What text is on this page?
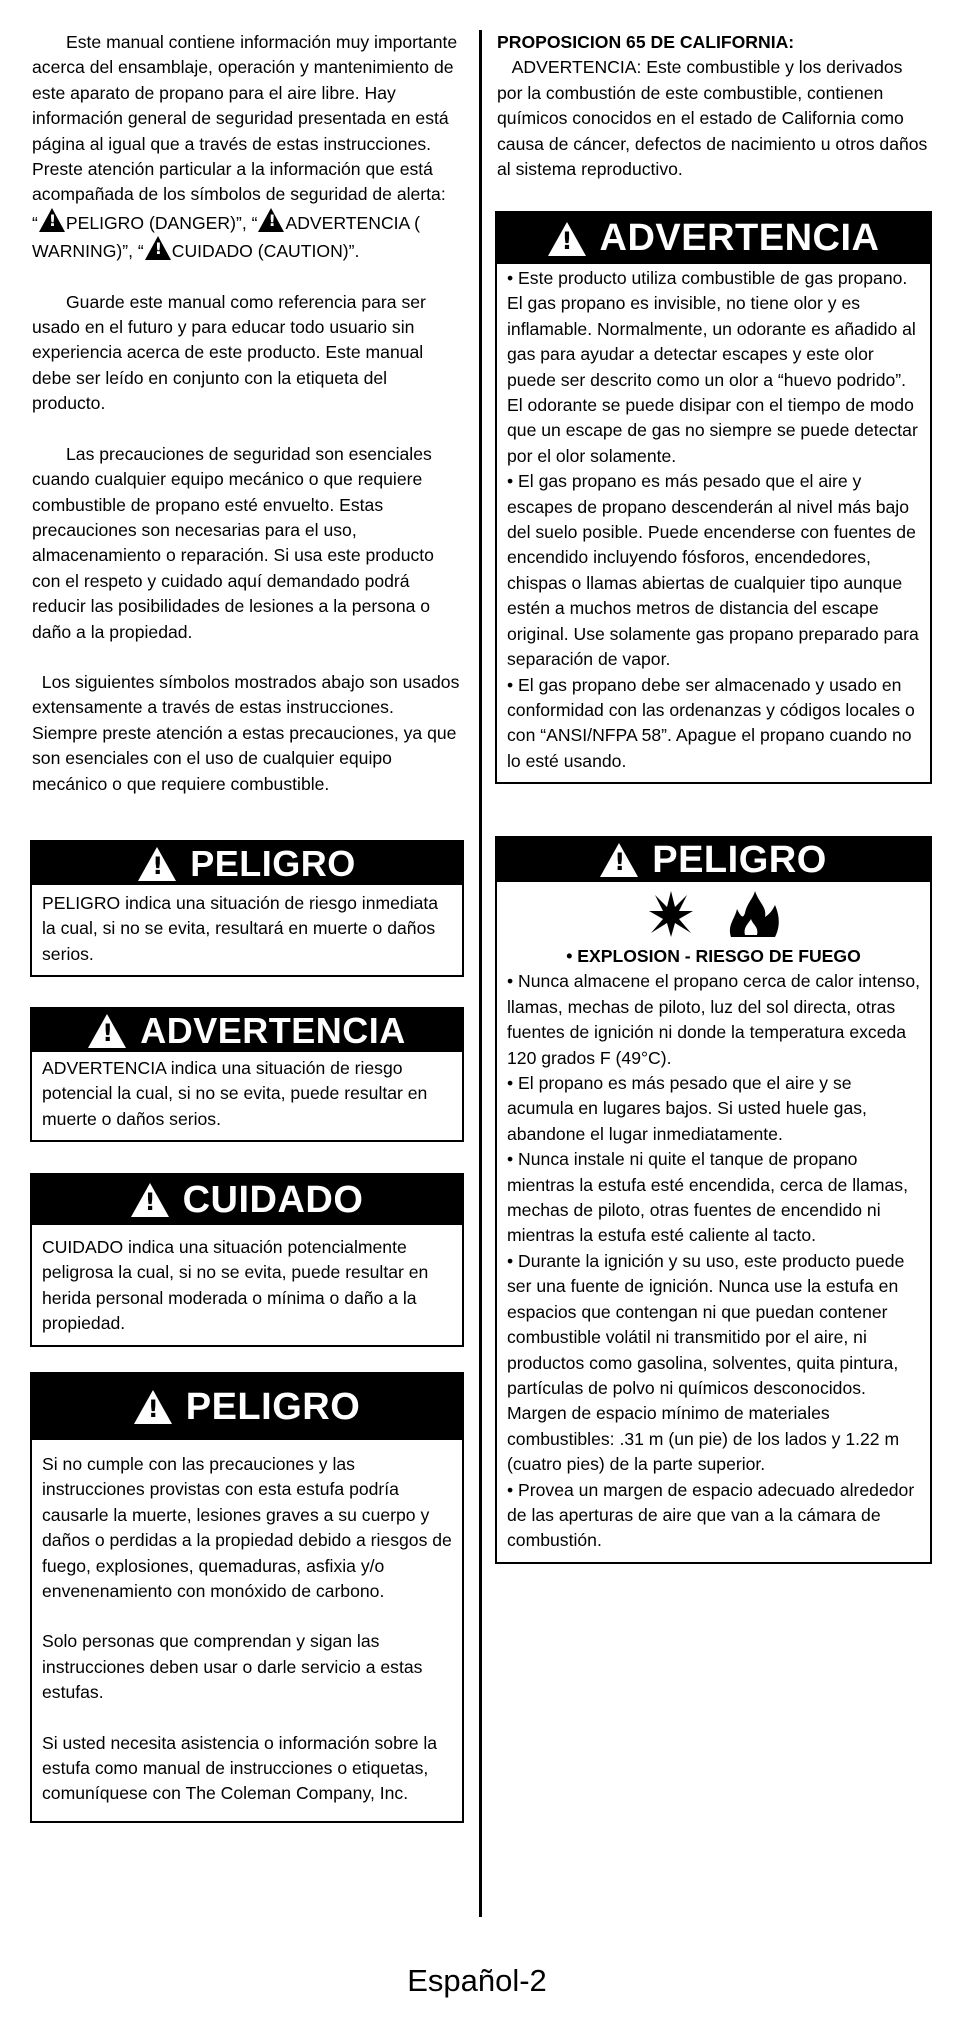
Este manual contiene información muy importante acerca del ensamblaje, operación y mantenimiento de este aparato de propano para el aire libre. Hay información general de seguridad presentada en está página al igual que a través de estas instrucciones. Preste atención particular a la información que está acompañada de los símbolos de seguridad de alerta:

“ ! PELIGRO (DANGER)”, “ ! ADVERTENCIA ( WARNING)”, “ ! CUIDADO (CAUTION)”.

Guarde este manual como referencia para ser usado en el futuro y para educar todo usuario sin experiencia acerca de este producto. Este manual debe ser leído en conjunto con la etiqueta del producto.

Las precauciones de seguridad son esenciales cuando cualquier equipo mecánico o que requiere combustible de propano esté envuelto. Estas precauciones son necesarias para el uso, almacenamiento o reparación. Si usa este producto con el respeto y cuidado aquí demandado podrá reducir las posibilidades de lesiones a la persona o daño a la propiedad.

Los siguientes símbolos mostrados abajo son usados extensamente a través de estas instrucciones. Siempre preste atención a estas precauciones, ya que son esenciales con el uso de cualquier equipo mecánico o que requiere combustible.

!
PELIGRO

PELIGRO indica una situación de riesgo inmediata la cual, si no se evita, resultará en muerte o daños serios.

!
ADVERTENCIA

ADVERTENCIA indica una situación de riesgo potencial la cual, si no se evita, puede resultar en muerte o daños serios.

!
CUIDADO

CUIDADO indica una situación potencialmente peligrosa la cual, si no se evita, puede resultar en herida personal moderada o mínima o daño a la propiedad.

!
PELIGRO

Si no cumple con las precauciones y las instrucciones provistas con esta estufa podría causarle la muerte, lesiones graves a su cuerpo y daños o perdidas a la propiedad debido a riesgos de fuego, explosiones, quemaduras, asfixia y/o envenenamiento con monóxido de carbono.

Solo personas que comprendan y sigan las instrucciones deben usar o darle servicio a estas estufas.

Si usted necesita asistencia o información sobre la estufa como manual de instrucciones o etiquetas, comuníquese con The Coleman Company, Inc.

PROPOSICION 65 DE CALIFORNIA:

ADVERTENCIA: Este combustible y los derivados por la combustión de este combustible, contienen químicos conocidos en el estado de California como causa de cáncer, defectos de nacimiento u otros daños al sistema reproductivo.

!
ADVERTENCIA

• Este producto utiliza combustible de gas propano. El gas propano es invisible, no tiene olor y es inflamable. Normalmente, un odorante es añadido al gas para ayudar a detectar escapes y este olor puede ser descrito como un olor a “huevo podrido”. El odorante se puede disipar con el tiempo de modo que un escape de gas no siempre se puede detectar por el olor solamente.

• El gas propano es más pesado que el aire y escapes de propano descenderán al nivel más bajo del suelo posible. Puede encenderse con fuentes de encendido incluyendo fósforos, encendedores, chispas o llamas abiertas de cualquier tipo aunque estén a muchos metros de distancia del escape original. Use solamente gas propano preparado para separación de vapor.

• El gas propano debe ser almacenado y usado en conformidad con las ordenanzas y códigos locales o con “ANSI/NFPA 58”. Apague el propano cuando no lo esté usando.

!
PELIGRO

• EXPLOSION - RIESGO DE FUEGO

• Nunca almacene el propano cerca de calor intenso, llamas, mechas de piloto, luz del sol directa, otras fuentes de ignición ni donde la temperatura exceda 120 grados F (49°C).

• El propano es más pesado que el aire y se acumula en lugares bajos. Si usted huele gas, abandone el lugar inmediatamente.

• Nunca instale ni quite el tanque de propano mientras la estufa esté encendida, cerca de llamas, mechas de piloto, otras fuentes de encendido ni mientras la estufa esté caliente al tacto.

• Durante la ignición y su uso, este producto puede ser una fuente de ignición. Nunca use la estufa en espacios que contengan ni que puedan contener combustible volátil ni transmitido por el aire, ni productos como gasolina, solventes, quita pintura, partículas de polvo ni químicos desconocidos. Margen de espacio mínimo de materiales combustibles: .31 m (un pie) de los lados y 1.22 m (cuatro pies) de la parte superior.

• Provea un margen de espacio adecuado alrededor de las aperturas de aire que van a la cámara de combustión.

Español-2
